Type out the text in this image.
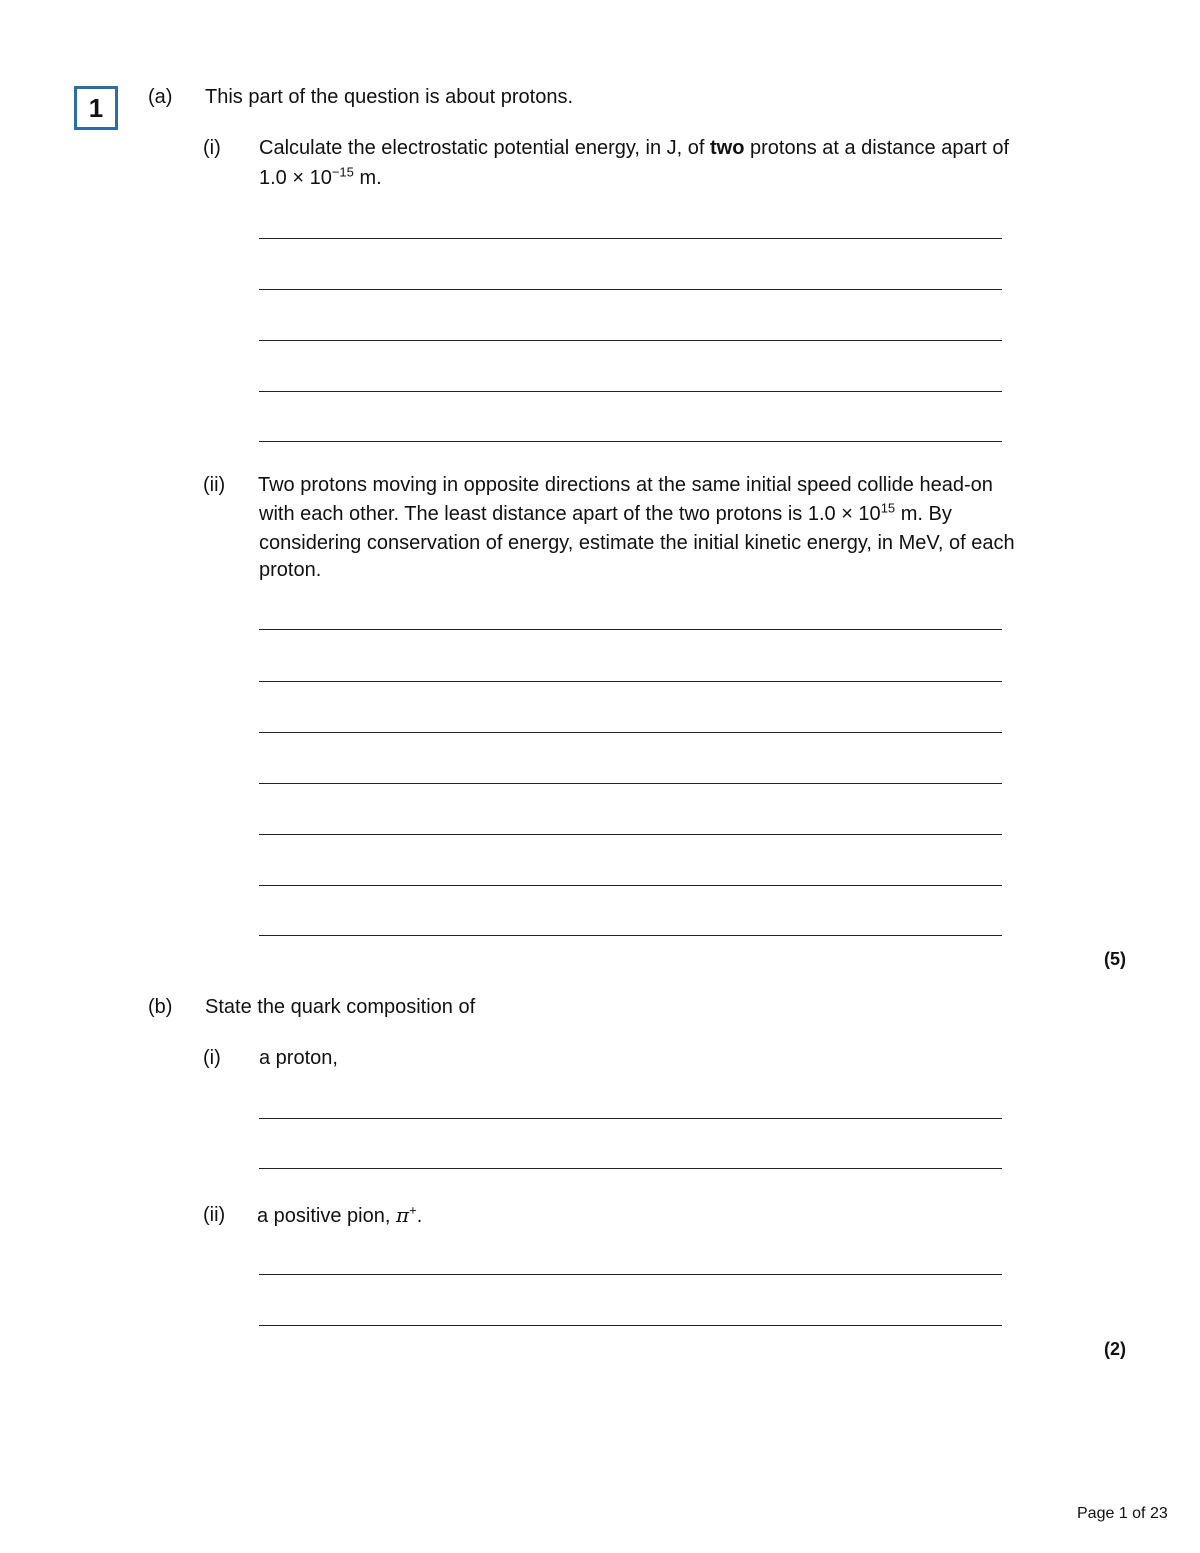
1 (a) This part of the question is about protons.
(i) Calculate the electrostatic potential energy, in J, of two protons at a distance apart of
$1.0 \times 10^{-15}$ m.
(ii) Two protons moving in opposite directions at the same initial speed collide head-on
with each other. The least distance apart of the two protons is $1.0 \times 10^{15}$ m. By
considering conservation of energy, estimate the initial kinetic energy, in MeV, of each
proton.
(5)
(b) State the quark composition of
(i) a proton,
(ii) a positive pion, π+.
(2)
Page 1 of 23
